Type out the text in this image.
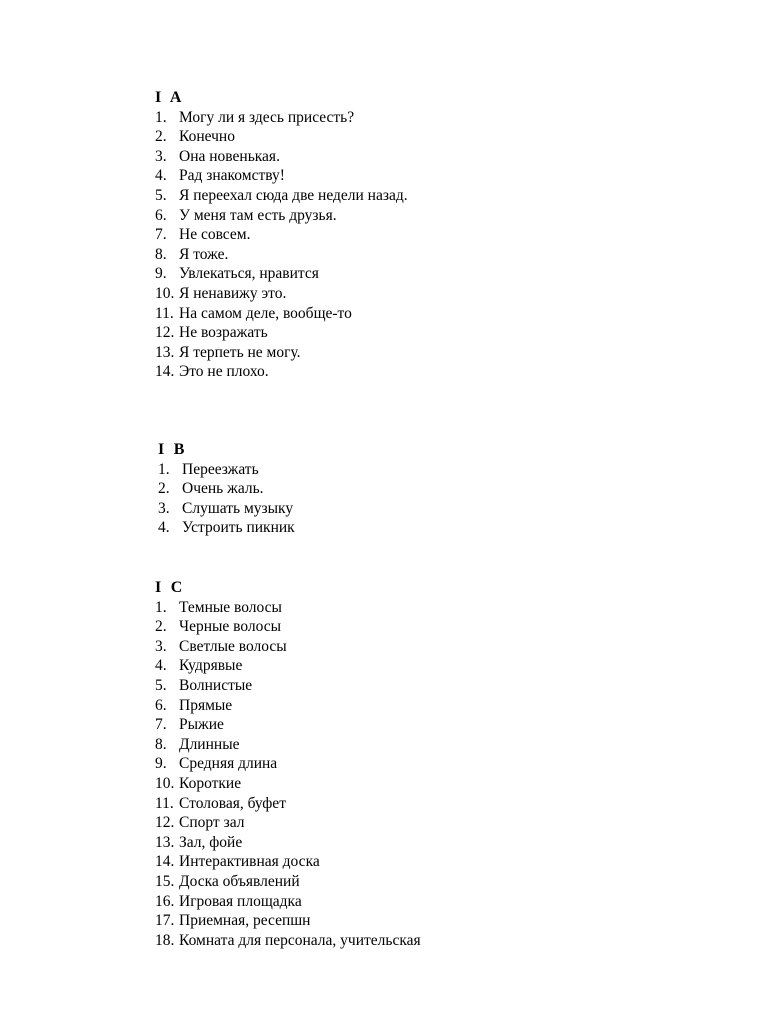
I  A
1. Могу ли я здесь присесть?
2. Конечно
3. Она новенькая.
4. Рад знакомству!
5. Я переехал сюда две недели назад.
6. У меня там есть друзья.
7. Не совсем.
8. Я тоже.
9. Увлекаться, нравится
10. Я ненавижу это.
11. На самом деле, вообще-то
12. Не возражать
13. Я терпеть не могу.
14. Это не плохо.
I  B
1. Переезжать
2. Очень жаль.
3. Слушать музыку
4. Устроить пикник
I  C
1. Темные волосы
2. Черные волосы
3. Светлые волосы
4. Кудрявые
5. Волнистые
6. Прямые
7. Рыжие
8. Длинные
9. Средняя длина
10. Короткие
11. Столовая, буфет
12. Спорт зал
13. Зал, фойе
14. Интерактивная доска
15. Доска объявлений
16. Игровая площадка
17. Приемная, ресепшн
18. Комната для персонала, учительская
